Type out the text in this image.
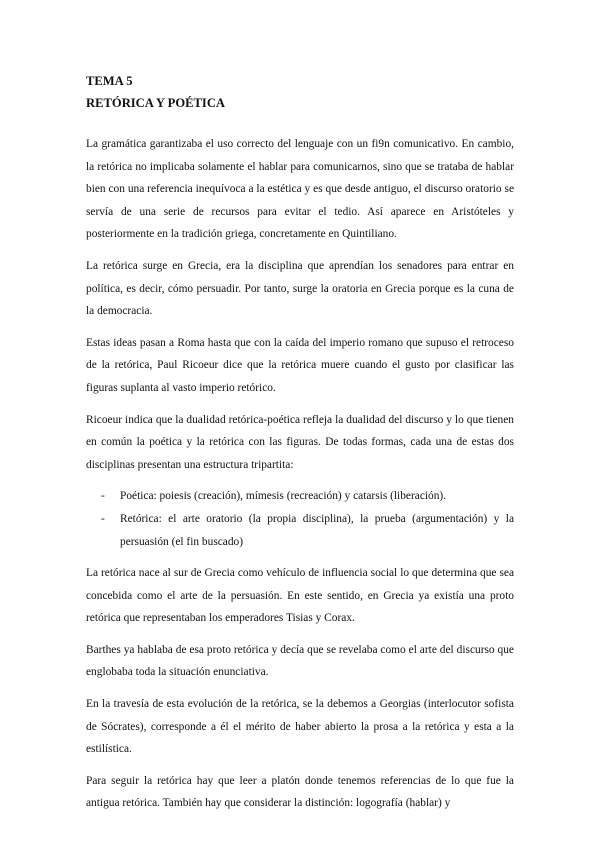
TEMA 5

RETÓRICA Y POÉTICA

La gramática garantizaba el uso correcto del lenguaje con un fi9n comunicativo. En cambio, la retórica no implicaba solamente el hablar para comunicarnos, sino que se trataba de hablar bien con una referencia inequívoca a la estética y es que desde antiguo, el discurso oratorio se servía de una serie de recursos para evitar el tedio. Así aparece en Aristóteles y posteriormente en la tradición griega, concretamente en Quintiliano.

La retórica surge en Grecia, era la disciplina que aprendían los senadores para entrar en política, es decir, cómo persuadir. Por tanto, surge la oratoria en Grecia porque es la cuna de la democracia.

Estas ideas pasan a Roma hasta que con la caída del imperio romano que supuso el retroceso de la retórica, Paul Ricoeur dice que la retórica muere cuando el gusto por clasificar las figuras suplanta al vasto imperio retórico.

Ricoeur indica que la dualidad retórica-poética refleja la dualidad del discurso y lo que tienen en común la poética y la retórica con las figuras. De todas formas, cada una de estas dos disciplinas presentan una estructura tripartita:

- Poética: poiesis (creación), mímesis (recreación) y catarsis (liberación).
- Retórica: el arte oratorio (la propia disciplina), la prueba (argumentación) y la persuasión (el fin buscado)

La retórica nace al sur de Grecia como vehículo de influencia social lo que determina que sea concebida como el arte de la persuasión. En este sentido, en Grecia ya existía una proto retórica que representaban los emperadores Tisias y Corax.

Barthes ya hablaba de esa proto retórica y decía que se revelaba como el arte del discurso que englobaba toda la situación enunciativa.

En la travesía de esta evolución de la retórica, se la debemos a Georgias (interlocutor sofista de Sócrates), corresponde a él el mérito de haber abierto la prosa a la retórica y esta a la estilística.

Para seguir la retórica hay que leer a platón donde tenemos referencias de lo que fue la antigua retórica. También hay que considerar la distinción: logografía (hablar) y
